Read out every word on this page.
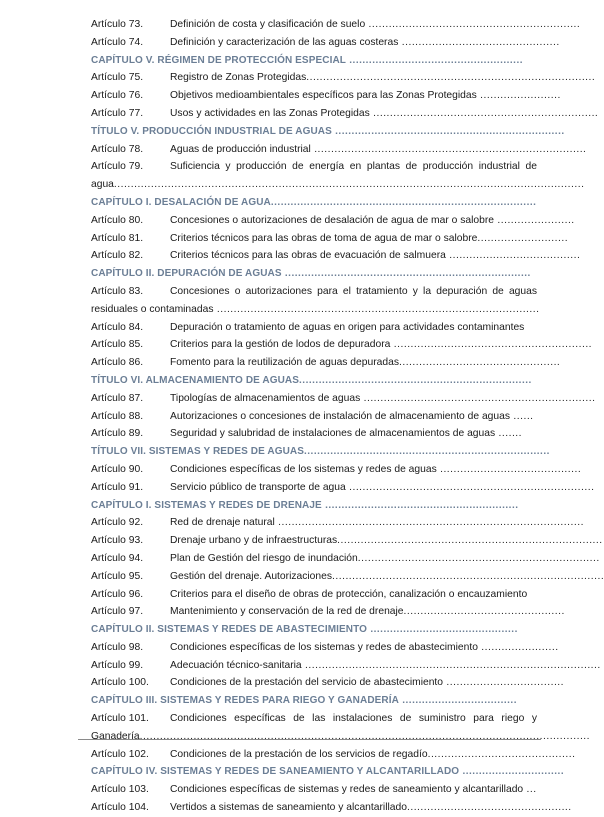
Artículo 73.	Definición de costa y clasificación de suelo ...............................................................
Artículo 74.	Definición y caracterización de las aguas costeras ...............................................
CAPÍTULO V. RÉGIMEN DE PROTECCIÓN ESPECIAL .....................................................
Artículo 75.	Registro de Zonas Protegidas......................................................................................
Artículo 76.	Objetivos medioambientales específicos para las Zonas Protegidas ........................
Artículo 77.	Usos y actividades en las Zonas Protegidas ...................................................................
TÍTULO V. PRODUCCIÓN INDUSTRIAL DE AGUAS ......................................................................
Artículo 78.	Aguas de producción industrial .................................................................................
Artículo 79.	Suficiencia y producción de energía en plantas de producción industrial de
agua............................................................................................................................................
CAPÍTULO I. DESALACIÓN DE AGUA.................................................................................
Artículo 80.	Concesiones o autorizaciones de desalación de agua de mar o salobre .......................
Artículo 81.	Criterios técnicos para las obras de toma de agua de mar o salobre...........................
Artículo 82.	Criterios técnicos para las obras de evacuación de salmuera .......................................
CAPÍTULO II. DEPURACIÓN DE AGUAS ...........................................................................
Artículo 83.	Concesiones o autorizaciones para el tratamiento y la depuración de aguas
residuales o contaminadas ................................................................................................
Artículo 84.	Depuración o tratamiento de aguas en origen para actividades contaminantes
Artículo 85.	Criterios para la gestión de lodos de depuradora ...........................................................
Artículo 86.	Fomento para la reutilización de aguas depuradas................................................
TÍTULO VI. ALMACENAMIENTO DE AGUAS.......................................................................
Artículo 87.	Tipologías de almacenamientos de aguas .....................................................................
Artículo 88.	Autorizaciones o concesiones de instalación de almacenamiento de aguas ......
Artículo 89.	Seguridad y salubridad de instalaciones de almacenamientos de aguas .......
TÍTULO VII. SISTEMAS Y REDES DE AGUAS...........................................................................
Artículo 90.	Condiciones específicas de los sistemas y redes de aguas ..........................................
Artículo 91.	Servicio público de transporte de agua .........................................................................
CAPÍTULO I. SISTEMAS Y REDES DE DRENAJE ...........................................................
Artículo 92.	Red de drenaje natural ...........................................................................................
Artículo 93.	Drenaje urbano y de infraestructuras...............................................................................
Artículo 94.	Plan de Gestión del riesgo de inundación........................................................................
Artículo 95.	Gestión del drenaje. Autorizaciones.................................................................................
Artículo 96.	Criterios para el diseño de obras de protección, canalización o encauzamiento
Artículo 97.	Mantenimiento y conservación de la red de drenaje................................................
CAPÍTULO II. SISTEMAS Y REDES DE ABASTECIMIENTO .............................................
Artículo 98.	Condiciones específicas de los sistemas y redes de abastecimiento .......................
Artículo 99.	Adecuación técnico-sanitaria ........................................................................................
Artículo 100. Condiciones de la prestación del servicio de abastecimiento ...................................
CAPÍTULO III. SISTEMAS Y REDES PARA RIEGO Y GANADERÍA ...................................
Artículo 101. Condiciones específicas de las instalaciones de suministro para riego y
Ganadería......................................................................................................................................
Artículo 102. Condiciones de la prestación de los servicios de regadío............................................
CAPÍTULO IV. SISTEMAS Y REDES DE SANEAMIENTO Y ALCANTARILLADO ...............................
Artículo 103. Condiciones específicas de sistemas y redes de saneamiento y alcantarillado ...
Artículo 104. Vertidos a sistemas de saneamiento y alcantarillado.................................................
